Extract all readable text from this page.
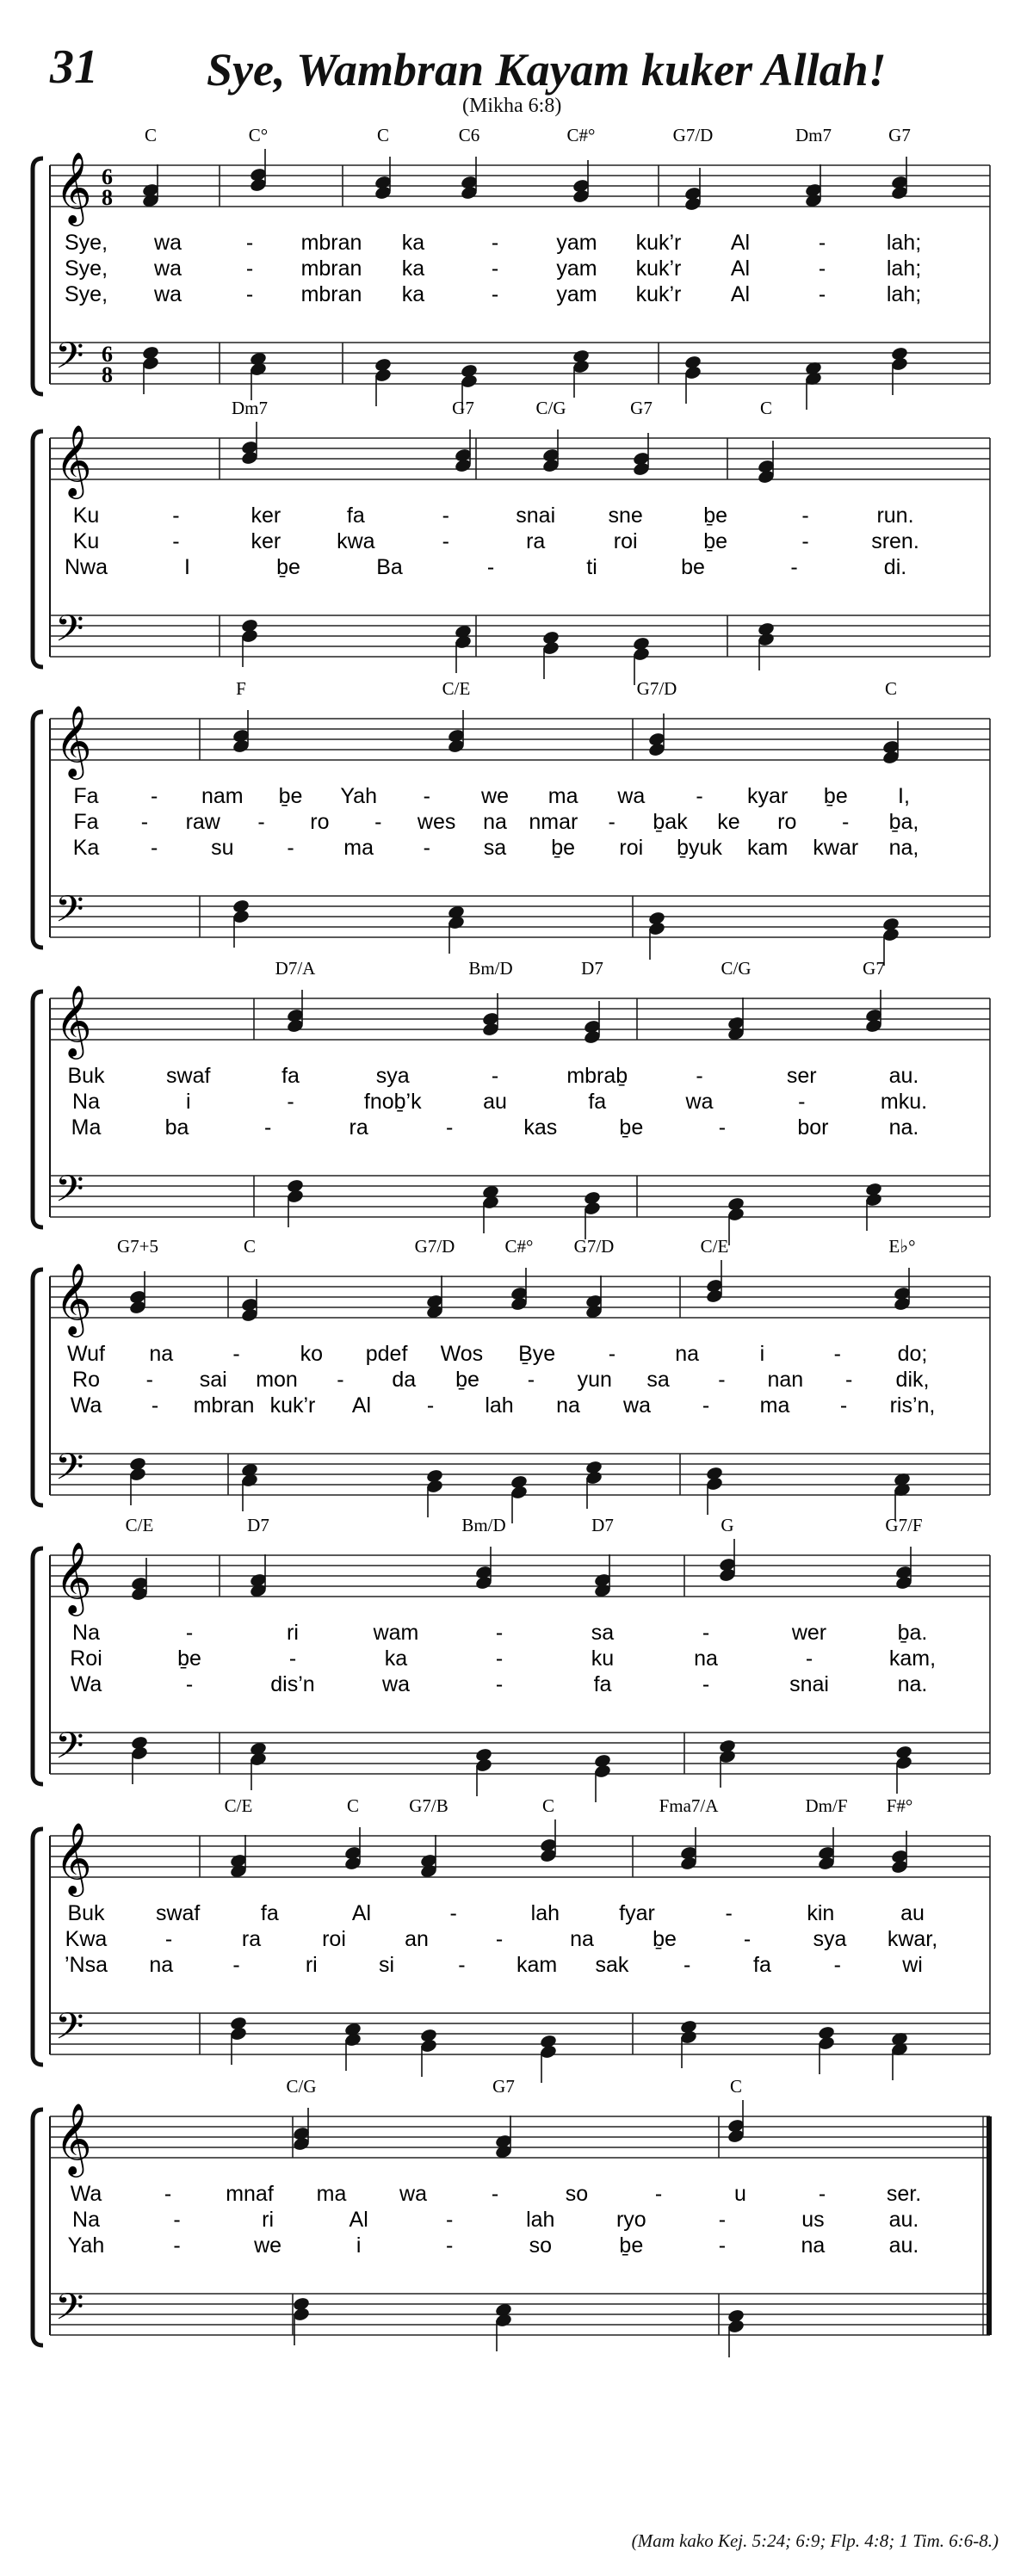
31 Sye, Wambran Kayam kuker Allah!
(Mikha 6:8)
(Mam kako Kej. 5:24; 6:9; Flp. 4:8; 1 Tim. 6:6-8.)
C	C°	C	C6	C#°	G7/D	Dm7	G7
𝄞
𝄢
6
8
6
8
Sye, wa	- mbran ka	-	yam kuk’r Al	-	lah;
Sye, wa	- mbran ka	-	yam kuk’r Al	-	lah;
Sye, wa	- mbran ka	-	yam kuk’r Al	-	lah;
Dm7	G7	C/G	G7	C
𝄞
𝄢
Ku	-	ker	fa	-	snai sne	ḇe	-	run.
Ku	-	ker	kwa	-	ra	roi	ḇe	-	sren.
Nwa	I	ḇe	Ba	-	ti	be	-	di.
F	C/E	G7/D	C
𝄞
𝄢
Fa - nam ḇe Yah - we ma wa - kyar ḇe I,
Fa - raw - ro - wes na nmar - ḇak ke ro - ḇa,
Ka - su - ma - sa ḇe roi ḇyuk kam kwar na,
D7/A	Bm/D	D7	C/G	G7
𝄞
𝄢
Buk	swaf	fa	sya	-	mbraḇ	-	ser	au.
Na	i	-	fnoḇ’k	au	fa	wa	-	mku.
Ma	ba	-	ra	-	kas	ḇe	-	bor	na.
G7+5	C	G7/D	C#° G7/D	C/E	E♭°
𝄞
𝄢
Wuf na	-	ko pdef Wos Ḇye -	na	i	-	do;
Ro - sai mon - da ḇe - yun sa - nan - dik,
Wa - mbran kuk’r Al	- lah na wa - ma - ris’n,
C/E	D7	Bm/D	D7	G	G7/F
𝄞
𝄢
Na	-	ri	wam	-	sa	-	wer	ḇa.
Roi	ḇe	-	ka	-	ku	na	-	kam,
Wa	-	dis’n	wa	-	fa	-	snai	na.
C/E	C	G7/B	C	Fma7/A	Dm/F F#°
𝄞
𝄢
Buk swaf	fa	Al	-	lah	fyar	-	kin	au
Kwa	-	ra	roi	an	-	na	ḇe	-	sya kwar,
’Nsa na	-	ri	si	- kam sak	-	fa	-	wi
C/G	G7	C
𝄞
𝄢
Wa	-	mnaf ma wa	-	so	-	u	-	ser.
Na	-	ri	Al	-	lah	ryo	-	us	au.
Yah	-	we	i	-	so	ḇe	-	na	au.
